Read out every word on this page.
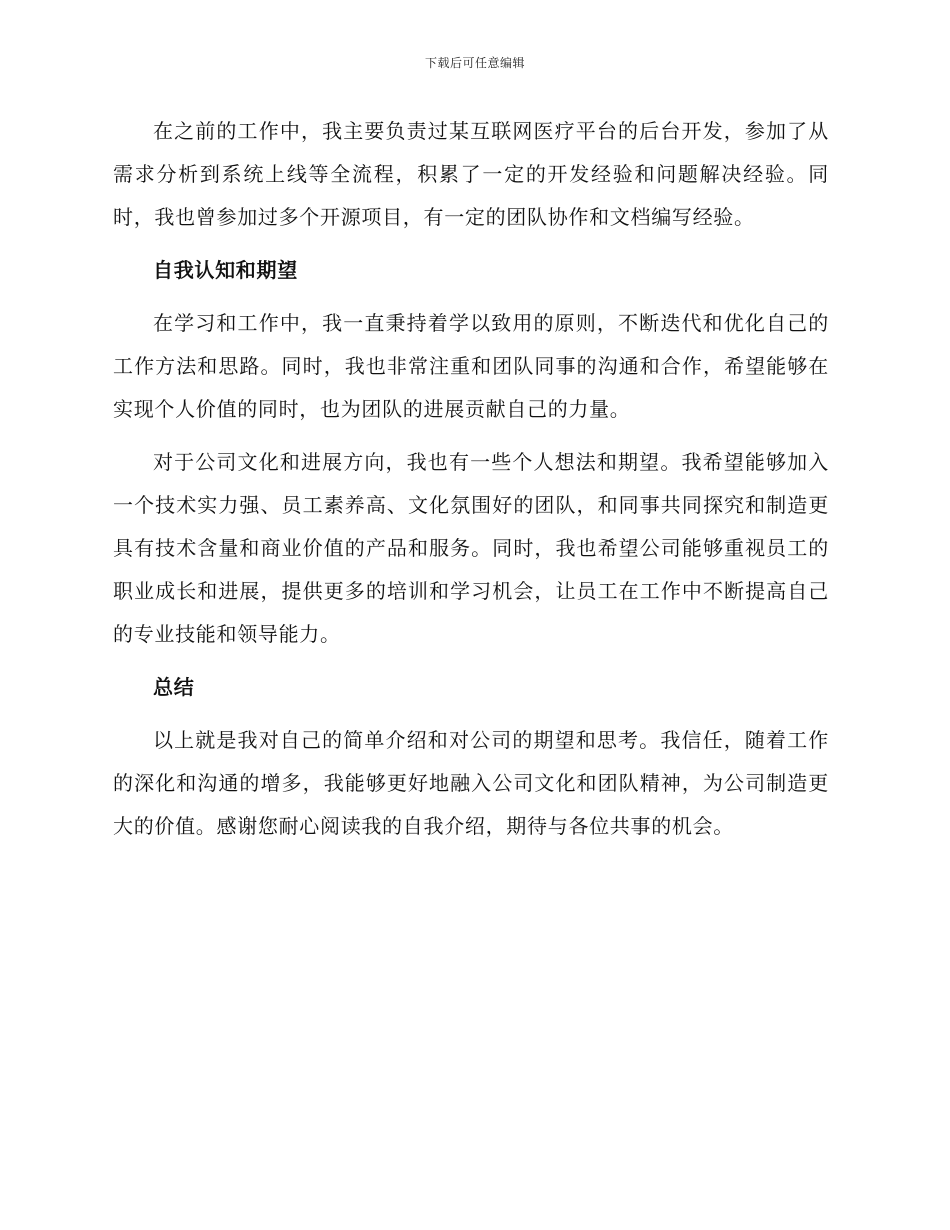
下载后可任意编辑

在之前的工作中，我主要负责过某互联网医疗平台的后台开发，参加了从需求分析到系统上线等全流程，积累了一定的开发经验和问题解决经验。同时，我也曾参加过多个开源项目，有一定的团队协作和文档编写经验。

自我认知和期望

在学习和工作中，我一直秉持着学以致用的原则，不断迭代和优化自己的工作方法和思路。同时，我也非常注重和团队同事的沟通和合作，希望能够在实现个人价值的同时，也为团队的进展贡献自己的力量。

对于公司文化和进展方向，我也有一些个人想法和期望。我希望能够加入一个技术实力强、员工素养高、文化氛围好的团队，和同事共同探究和制造更具有技术含量和商业价值的产品和服务。同时，我也希望公司能够重视员工的职业成长和进展，提供更多的培训和学习机会，让员工在工作中不断提高自己的专业技能和领导能力。

总结

以上就是我对自己的简单介绍和对公司的期望和思考。我信任，随着工作的深化和沟通的增多，我能够更好地融入公司文化和团队精神，为公司制造更大的价值。感谢您耐心阅读我的自我介绍，期待与各位共事的机会。
